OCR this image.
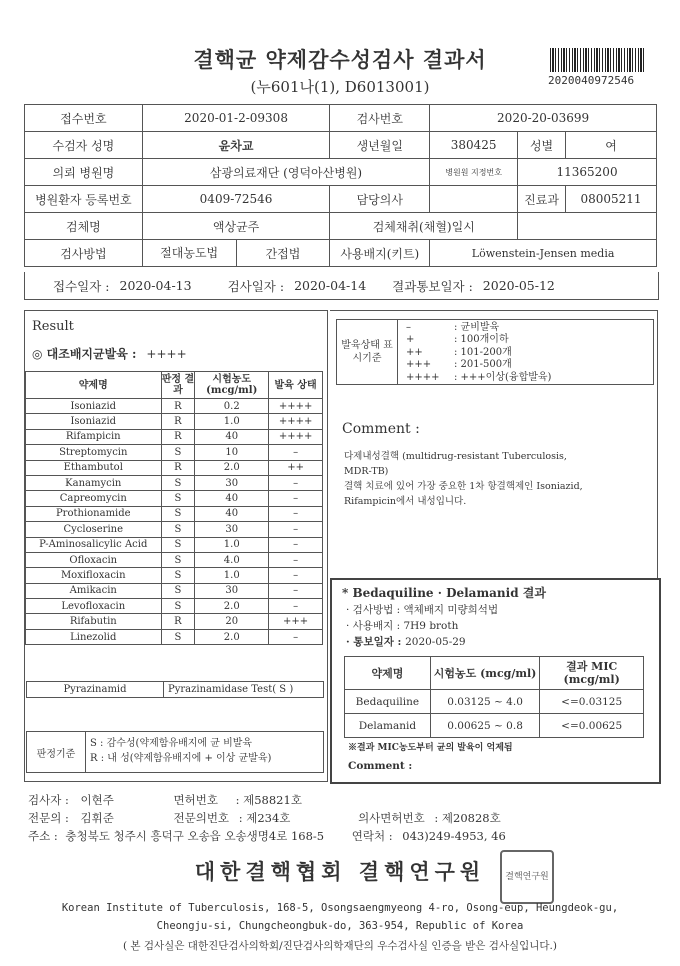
결핵균 약제감수성검사 결과서
(누601나(1), D6013001)	2020040972546
접수번호	2020-01-2-09308	검사번호	2020-20-03699		
수검자 성명	윤차교	생년월일	380425	성별	여
의뢰 병원명	삼광의료재단 (영덕아산병원)		병원원 지정번호	11365200	
병원환자 등록번호	0409-72546	담당의사		진료과	08005211
검체명	액상균주	검체채취(채혈)일시			
검사방법	절대농도법 간접법	사용배지(키트)	Löwenstein-Jensen media		
접수일자 : 2020-04-13	검사일자 : 2020-04-14 결과통보일자 : 2020-05-12
Result
◎ 대조배지균발육 : ++++
약제명	판정 결과	시험농도 (mcg/ml)	발육 상태
Isoniazid	R	0.2	++++
Isoniazid	R	1.0	++++
Rifampicin	R	40	++++
Streptomycin	S	10	–
Ethambutol	R	2.0	++
Kanamycin	S	30	–
Capreomycin	S	40	–
Prothionamide	S	40	–
Cycloserine	S	30	–
P-Aminosalicylic Acid	S	1.0	–
Ofloxacin	S	4.0	–
Moxifloxacin	S	1.0	–
Amikacin	S	30	–
Levofloxacin	S	2.0	–
Rifabutin	R	20	+++
Linezolid	S	2.0	–
Pyrazinamid	Pyrazinamidase Test( S )
판정기준
S : 감수성(약제함유배지에 균 비발육
R : 내 성(약제함유배지에 + 이상 균발육)
발육상태 표시기준
–	: 균비발육
+	: 100개이하
++	: 101-200개
+++	: 201-500개
++++	: +++이상(융합발육)
Comment :
다제내성결핵 (multidrug-resistant Tuberculosis,
MDR-TB)
결핵 치료에 있어 가장 중요한 1차 항결핵제인 Isoniazid,
Rifampicin에서 내성입니다.
* Bedaquiline · Delamanid 결과
· 검사방법 : 액체배지 미량희석법
· 사용배지 : 7H9 broth
· 통보일자 : 2020-05-29
약제명	시험농도 (mcg/ml)	결과 MIC (mcg/ml)
Bedaquiline	0.03125 ~ 4.0	<=0.03125
Delamanid	0.00625 ~ 0.8	<=0.00625
※결과 MIC농도부터 균의 발육이 억제됨
Comment :
검사자 : 이현주	면허번호 : 제58821호
전문의 : 김휘준	전문의번호 : 제234호	의사면허번호 : 제20828호
주소 : 충청북도 청주시 흥덕구 오송읍 오송생명4로 168-5 연락처 : 043)249-4953, 46
대한결핵협회 결핵연구원	결핵연구원
Korean Institute of Tuberculosis, 168-5, Osongsaengmyeong 4-ro, Osong-eup, Heungdeok-gu,
Cheongju-si, Chungcheongbuk-do, 363-954, Republic of Korea
( 본 검사실은 대한진단검사의학회/진단검사의학재단의 우수검사실 인증을 받은 검사실입니다.)
